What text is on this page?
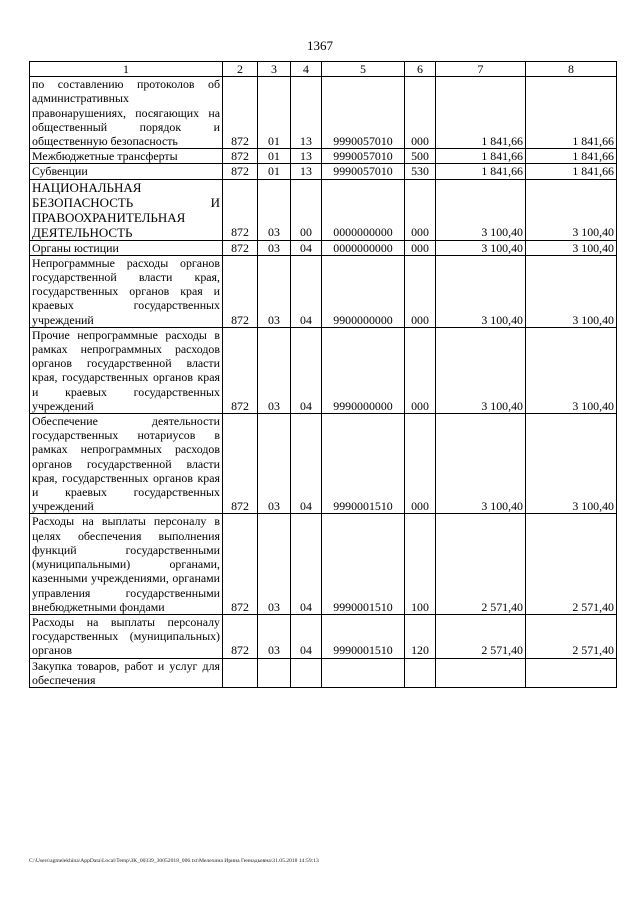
1367
1	2	3	4	5	6	7	8
по составлению протоколов об административных правонарушениях, посягающих на общественный порядок и общественную безопасность	872	01	13	9990057010	000	1 841,66	1 841,66
Межбюджетные трансферты	872	01	13	9990057010	500	1 841,66	1 841,66
Субвенции	872	01	13	9990057010	530	1 841,66	1 841,66
НАЦИОНАЛЬНАЯ БЕЗОПАСНОСТЬ И ПРАВООХРАНИТЕЛЬНАЯ ДЕЯТЕЛЬНОСТЬ	872	03	00	0000000000	000	3 100,40	3 100,40
Органы юстиции	872	03	04	0000000000	000	3 100,40	3 100,40
Непрограммные расходы органов государственной власти края, государственных органов края и краевых государственных учреждений	872	03	04	9900000000	000	3 100,40	3 100,40
Прочие непрограммные расходы в рамках непрограммных расходов органов государственной власти края, государственных органов края и краевых государственных учреждений	872	03	04	9990000000	000	3 100,40	3 100,40
Обеспечение деятельности государственных нотариусов в рамках непрограммных расходов органов государственной власти края, государственных органов края и краевых государственных учреждений	872	03	04	9990001510	000	3 100,40	3 100,40
Расходы на выплаты персоналу в целях обеспечения выполнения функций государственными (муниципальными) органами, казенными учреждениями, органами управления государственными внебюджетными фондами	872	03	04	9990001510	100	2 571,40	2 571,40
Расходы на выплаты персоналу государственных (муниципальных) органов	872	03	04	9990001510	120	2 571,40	2 571,40
Закупка товаров, работ и услуг для обеспечения							
C:\Users\agmelekhina\AppData\Local\Temp\ЗК_00339_30052018_006.txt\Мелехина Ирина Геннадьевна\31.05.2018 14:59:13
